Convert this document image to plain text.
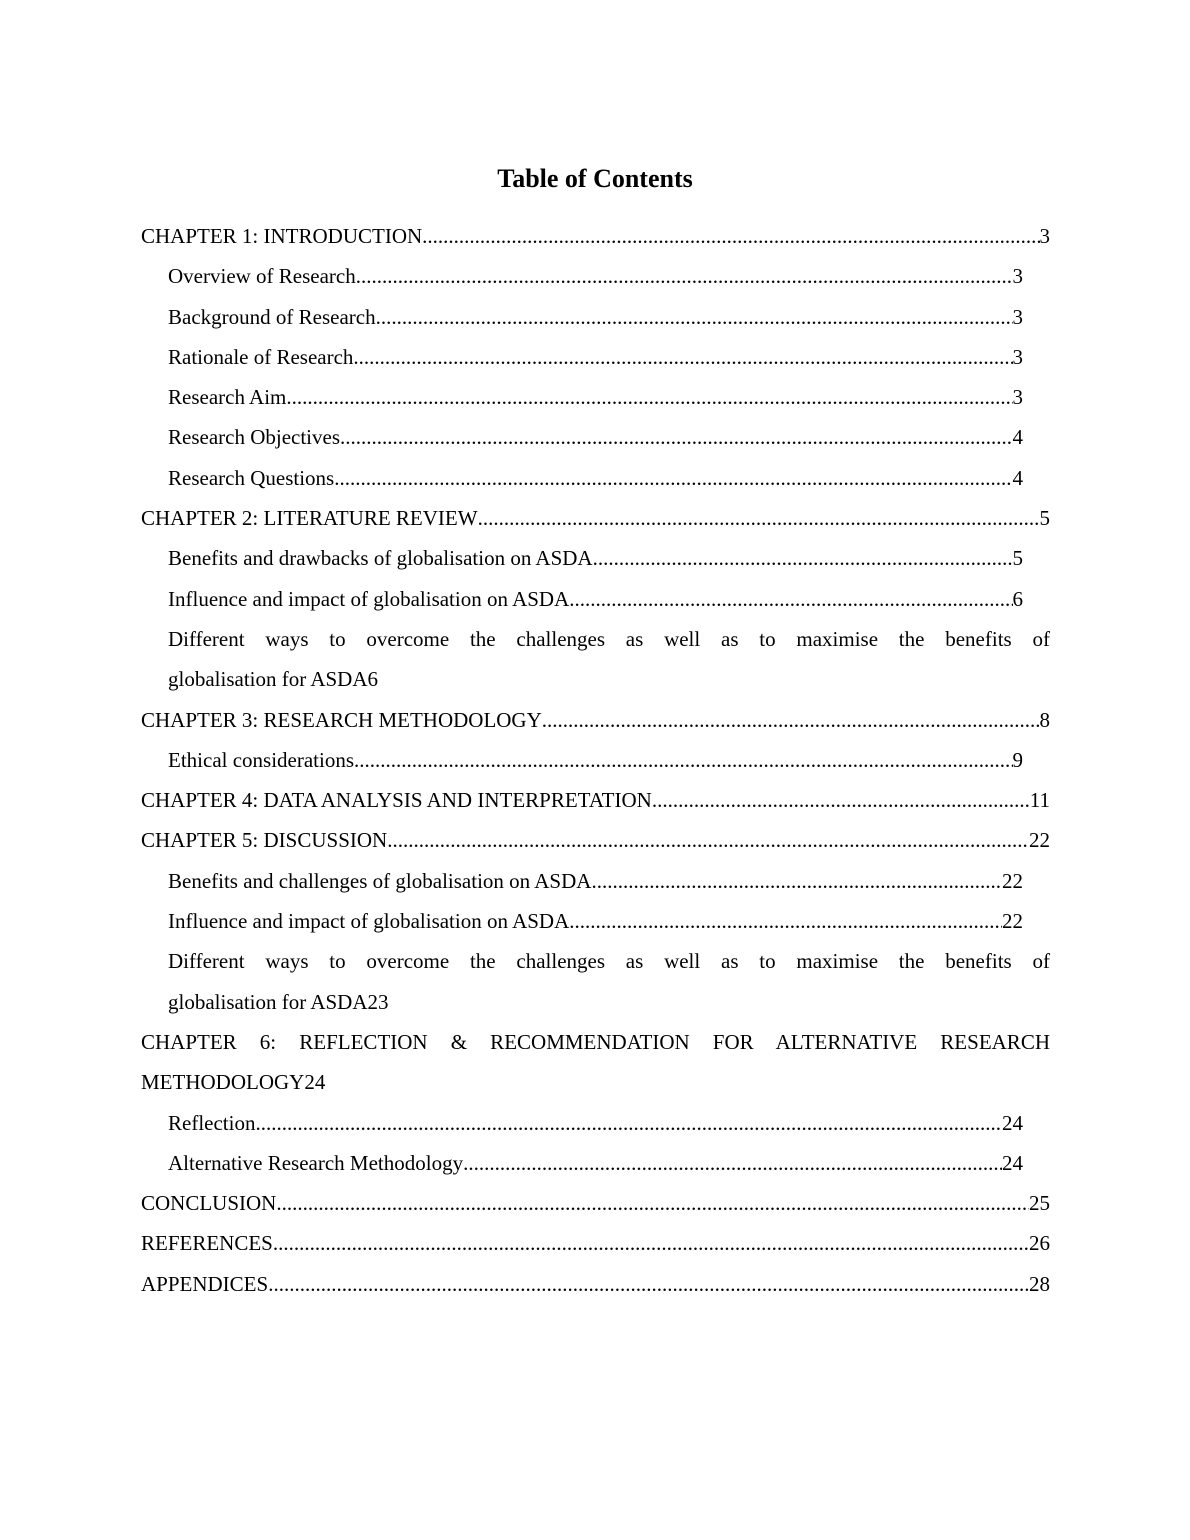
Table of Contents
CHAPTER 1: INTRODUCTION .....	3
Overview of Research .....	3
Background of Research .....	3
Rationale of Research .....	3
Research Aim .....	3
Research Objectives .....	4
Research Questions .....	4
CHAPTER 2: LITERATURE REVIEW .....	5
Benefits and drawbacks of globalisation on ASDA .....	5
Influence and impact of globalisation on ASDA .....	6
Different ways to overcome the challenges as well as to maximise the benefits of
globalisation for ASDA 6
CHAPTER 3: RESEARCH METHODOLOGY .....	8
Ethical considerations .....	9
CHAPTER 4: DATA ANALYSIS AND INTERPRETATION .....	11
CHAPTER 5: DISCUSSION .....	22
Benefits and challenges of globalisation on ASDA .....	22
Influence and impact of globalisation on ASDA .....	22
Different ways to overcome the challenges as well as to maximise the benefits of
globalisation for ASDA 23
CHAPTER 6: REFLECTION & RECOMMENDATION FOR ALTERNATIVE RESEARCH
METHODOLOGY 24
Reflection .....	24
Alternative Research Methodology .....	24
CONCLUSION .....	25
REFERENCES .....	26
APPENDICES .....	28
